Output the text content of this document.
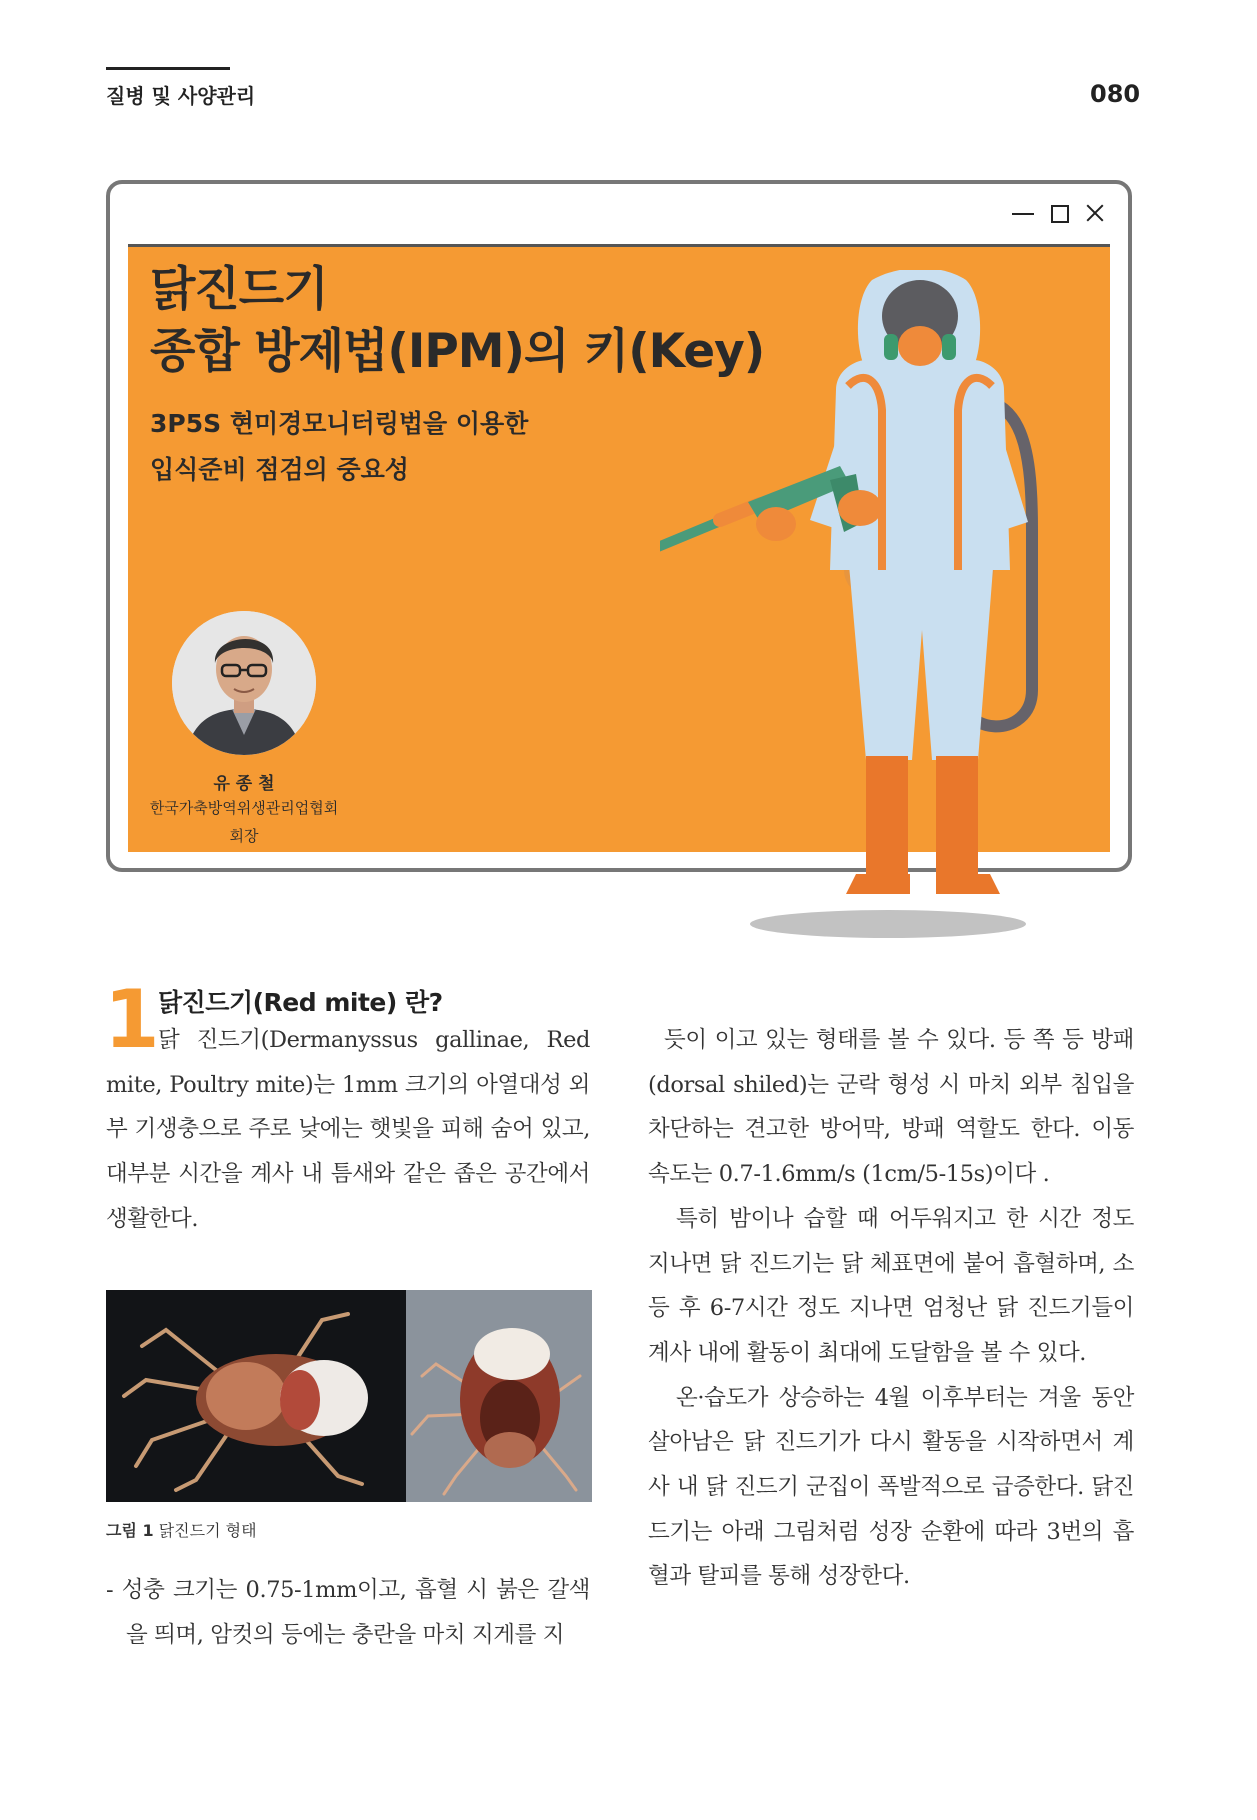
질병 및 사양관리	080
닭진드기
종합 방제법(IPM)의 키(Key)
3P5S 현미경모니터링법을 이용한
입식준비 점검의 중요성
유 종 철
한국가축방역위생관리업협회
회장
1
닭진드기(Red mite) 란?
닭 진드기(Dermanyssus gallinae, Red mite, Poultry mite)는 1mm 크기의 아열대성 외부 기생충으로 주로 낮에는 햇빛을 피해 숨어 있고, 대부분 시간을 계사 내 틈새와 같은 좁은 공간에서 생활한다.
그림 1 닭진드기 형태
- 성충 크기는 0.75-1mm이고, 흡혈 시 붉은 갈색을 띄며, 암컷의 등에는 충란을 마치 지게를 지

듯이 이고 있는 형태를 볼 수 있다. 등 쪽 등 방패(dorsal shiled)는 군락 형성 시 마치 외부 침입을 차단하는 견고한 방어막, 방패 역할도 한다. 이동 속도는 0.7-1.6mm/s (1cm/5-15s)이다 .

특히 밤이나 습할 때 어두워지고 한 시간 정도 지나면 닭 진드기는 닭 체표면에 붙어 흡혈하며, 소등 후 6-7시간 정도 지나면 엄청난 닭 진드기들이 계사 내에 활동이 최대에 도달함을 볼 수 있다.

온·습도가 상승하는 4월 이후부터는 겨울 동안 살아남은 닭 진드기가 다시 활동을 시작하면서 계사 내 닭 진드기 군집이 폭발적으로 급증한다. 닭진드기는 아래 그림처럼 성장 순환에 따라 3번의 흡혈과 탈피를 통해 성장한다.
